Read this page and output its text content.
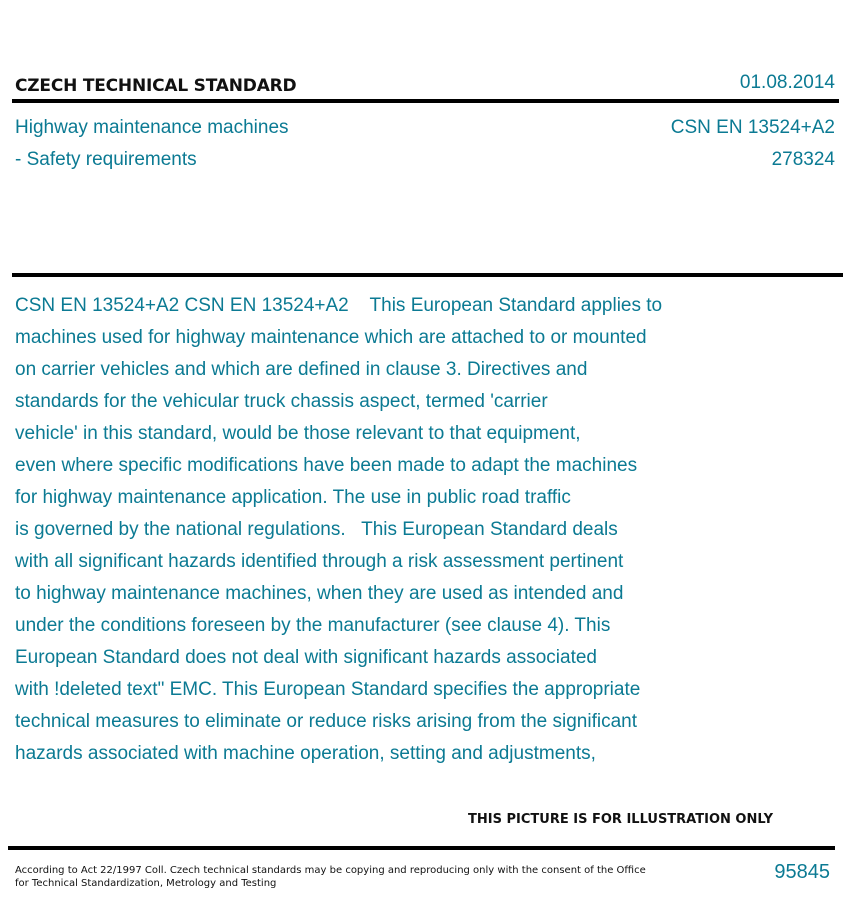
CZECH TECHNICAL STANDARD	01.08.2014
Highway maintenance machines
- Safety requirements
CSN EN 13524+A2
278324
CSN EN 13524+A2 CSN EN 13524+A2    This European Standard applies to
machines used for highway maintenance which are attached to or mounted
on carrier vehicles and which are defined in clause 3. Directives and
standards for the vehicular truck chassis aspect, termed 'carrier
vehicle' in this standard, would be those relevant to that equipment,
even where specific modifications have been made to adapt the machines
for highway maintenance application. The use in public road traffic
is governed by the national regulations.   This European Standard deals
with all significant hazards identified through a risk assessment pertinent
to highway maintenance machines, when they are used as intended and
under the conditions foreseen by the manufacturer (see clause 4). This
European Standard does not deal with significant hazards associated
with !deleted text" EMC. This European Standard specifies the appropriate
technical measures to eliminate or reduce risks arising from the significant
hazards associated with machine operation, setting and adjustments,
THIS PICTURE IS FOR ILLUSTRATION ONLY
According to Act 22/1997 Coll. Czech technical standards may be copying and reproducing only with the consent of the Office
for Technical Standardization, Metrology and Testing
95845
